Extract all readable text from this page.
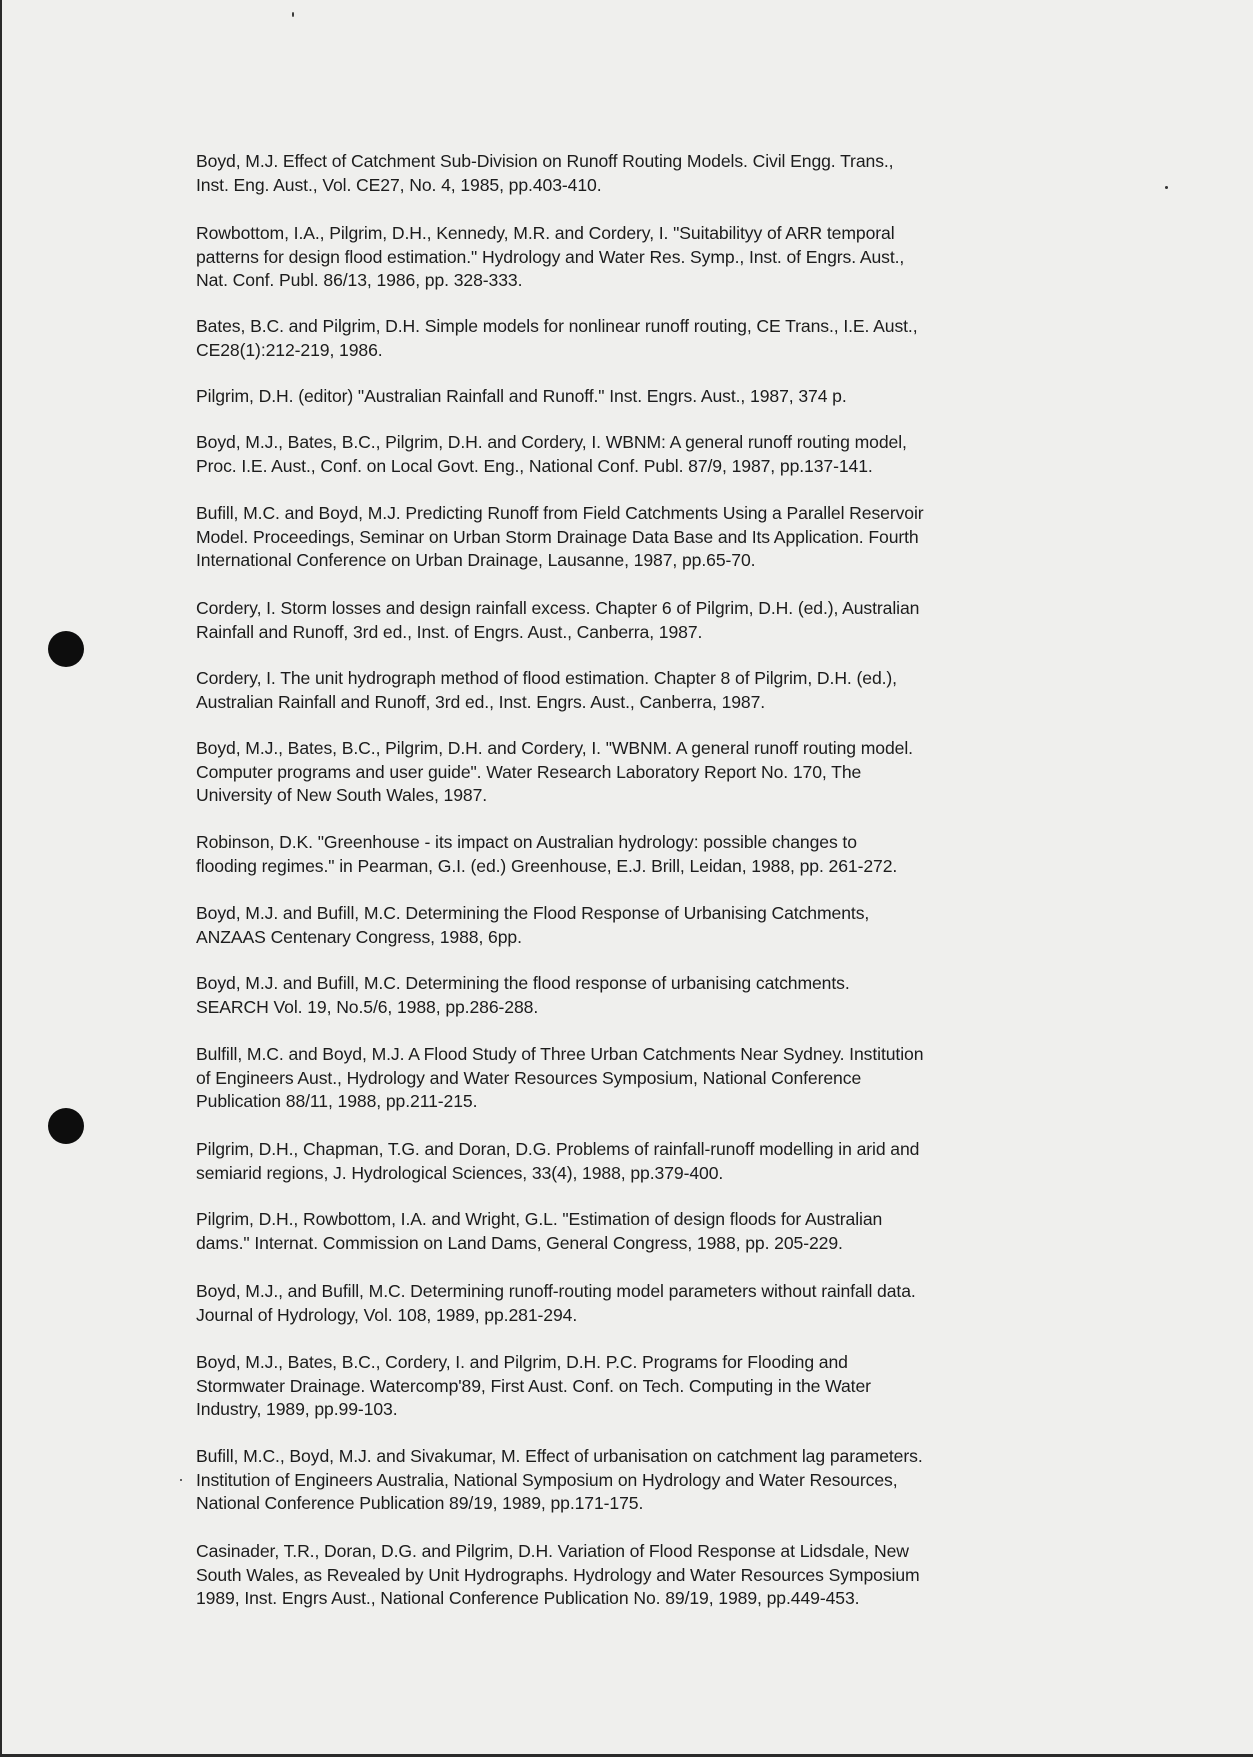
Boyd, M.J. Effect of Catchment Sub-Division on Runoff Routing Models. Civil Engg. Trans.,
Inst. Eng. Aust., Vol. CE27, No. 4, 1985, pp.403-410.
Rowbottom, I.A., Pilgrim, D.H., Kennedy, M.R. and Cordery, I. "Suitabilityy of ARR temporal
patterns for design flood estimation." Hydrology and Water Res. Symp., Inst. of Engrs. Aust.,
Nat. Conf. Publ. 86/13, 1986, pp. 328-333.
Bates, B.C. and Pilgrim, D.H. Simple models for nonlinear runoff routing, CE Trans., I.E. Aust.,
CE28(1):212-219, 1986.
Pilgrim, D.H. (editor) "Australian Rainfall and Runoff." Inst. Engrs. Aust., 1987, 374 p.
Boyd, M.J., Bates, B.C., Pilgrim, D.H. and Cordery, I. WBNM: A general runoff routing model,
Proc. I.E. Aust., Conf. on Local Govt. Eng., National Conf. Publ. 87/9, 1987, pp.137-141.
Bufill, M.C. and Boyd, M.J. Predicting Runoff from Field Catchments Using a Parallel Reservoir
Model. Proceedings, Seminar on Urban Storm Drainage Data Base and Its Application. Fourth
International Conference on Urban Drainage, Lausanne, 1987, pp.65-70.
Cordery, I. Storm losses and design rainfall excess. Chapter 6 of Pilgrim, D.H. (ed.), Australian
Rainfall and Runoff, 3rd ed., Inst. of Engrs. Aust., Canberra, 1987.
Cordery, I. The unit hydrograph method of flood estimation. Chapter 8 of Pilgrim, D.H. (ed.),
Australian Rainfall and Runoff, 3rd ed., Inst. Engrs. Aust., Canberra, 1987.
Boyd, M.J., Bates, B.C., Pilgrim, D.H. and Cordery, I. "WBNM. A general runoff routing model.
Computer programs and user guide". Water Research Laboratory Report No. 170, The
University of New South Wales, 1987.
Robinson, D.K. "Greenhouse - its impact on Australian hydrology: possible changes to
flooding regimes." in Pearman, G.I. (ed.) Greenhouse, E.J. Brill, Leidan, 1988, pp. 261-272.
Boyd, M.J. and Bufill, M.C. Determining the Flood Response of Urbanising Catchments,
ANZAAS Centenary Congress, 1988, 6pp.
Boyd, M.J. and Bufill, M.C. Determining the flood response of urbanising catchments.
SEARCH Vol. 19, No.5/6, 1988, pp.286-288.
Bulfill, M.C. and Boyd, M.J. A Flood Study of Three Urban Catchments Near Sydney. Institution
of Engineers Aust., Hydrology and Water Resources Symposium, National Conference
Publication 88/11, 1988, pp.211-215.
Pilgrim, D.H., Chapman, T.G. and Doran, D.G. Problems of rainfall-runoff modelling in arid and
semiarid regions, J. Hydrological Sciences, 33(4), 1988, pp.379-400.
Pilgrim, D.H., Rowbottom, I.A. and Wright, G.L. "Estimation of design floods for Australian
dams." Internat. Commission on Land Dams, General Congress, 1988, pp. 205-229.
Boyd, M.J., and Bufill, M.C. Determining runoff-routing model parameters without rainfall data.
Journal of Hydrology, Vol. 108, 1989, pp.281-294.
Boyd, M.J., Bates, B.C., Cordery, I. and Pilgrim, D.H. P.C. Programs for Flooding and
Stormwater Drainage. Watercomp'89, First Aust. Conf. on Tech. Computing in the Water
Industry, 1989, pp.99-103.
Bufill, M.C., Boyd, M.J. and Sivakumar, M. Effect of urbanisation on catchment lag parameters.
Institution of Engineers Australia, National Symposium on Hydrology and Water Resources,
National Conference Publication 89/19, 1989, pp.171-175.
Casinader, T.R., Doran, D.G. and Pilgrim, D.H. Variation of Flood Response at Lidsdale, New
South Wales, as Revealed by Unit Hydrographs. Hydrology and Water Resources Symposium
1989, Inst. Engrs Aust., National Conference Publication No. 89/19, 1989, pp.449-453.
